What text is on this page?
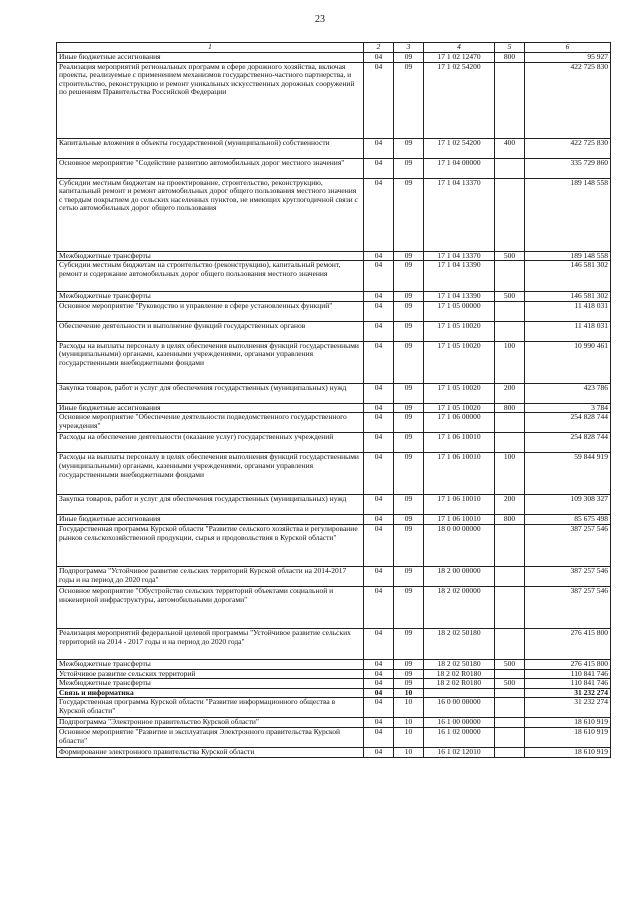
23
1	2	3	4	5	6
Иные бюджетные ассигнования	04	09	17 1 02 12470	800	95 927
Реализация мероприятий региональных программ в сфере дорожного хозяйства, включая проекты, реализуемые с применением механизмов государственно-частного партнерства, и строительство, реконструкцию и ремонт уникальных искусственных дорожных сооружений по решениям Правительства Российской Федерации	04	09	17 1 02 54200		422 725 830
Капитальные вложения в объекты государственной (муниципальной) собственности	04	09	17 1 02 54200	400	422 725 830
Основное мероприятие "Содействие развитию автомобильных дорог местного значения"	04	09	17 1 04 00000		335 729 860
Субсидии местным бюджетам на проектирование, строительство, реконструкцию, капитальный ремонт и ремонт автомобильных дорог общего пользования местного значения с твердым покрытием до сельских населенных пунктов, не имеющих круглогодичной связи с сетью автомобильных дорог общего пользования	04	09	17 1 04 13370		189 148 558
Межбюджетные трансферты	04	09	17 1 04 13370	500	189 148 558
Субсидии местным бюджетам на строительство (реконструкцию), капитальный ремонт, ремонт и содержание автомобильных дорог общего пользования местного значения	04	09	17 1 04 13390		146 581 302
Межбюджетные трансферты	04	09	17 1 04 13390	500	146 581 302
Основное мероприятие "Руководство и управление в сфере установленных функций"	04	09	17 1 05 00000		11 418 031
Обеспечение деятельности и выполнение функций государственных органов	04	09	17 1 05 10020		11 418 031
Расходы на выплаты персоналу в целях обеспечения выполнения функций государственными (муниципальными) органами, казенными учреждениями, органами управления государственными внебюджетными фондами	04	09	17 1 05 10020	100	10 990 461
Закупка товаров, работ и услуг для обеспечения государственных (муниципальных) нужд	04	09	17 1 05 10020	200	423 786
Иные бюджетные ассигнования	04	09	17 1 05 10020	800	3 784
Основное мероприятие "Обеспечение деятельности подведомственного государственного учреждения"	04	09	17 1 06 00000		254 828 744
Расходы на обеспечение деятельности (оказание услуг) государственных учреждений	04	09	17 1 06 10010		254 828 744
Расходы на выплаты персоналу в целях обеспечения выполнения функций государственными (муниципальными) органами, казенными учреждениями, органами управления государственными внебюджетными фондами	04	09	17 1 06 10010	100	59 844 919
Закупка товаров, работ и услуг для обеспечения государственных (муниципальных) нужд	04	09	17 1 06 10010	200	109 308 327
Иные бюджетные ассигнования	04	09	17 1 06 10010	800	85 675 498
Государственная программа Курской области "Развитие сельского хозяйства и регулирование рынков сельскохозяйственной продукции, сырья и продовольствия в Курской области"	04	09	18 0 00 00000		387 257 546
Подпрограмма "Устойчивое развитие сельских территорий Курской области на 2014-2017 годы и на период до 2020 года"	04	09	18 2 00 00000		387 257 546
Основное мероприятие "Обустройство сельских территорий объектами социальной и инженерной инфраструктуры, автомобильными дорогами"	04	09	18 2 02 00000		387 257 546
Реализация мероприятий федеральной целевой программы "Устойчивое развитие сельских территорий на 2014 - 2017 годы и на период до 2020 года"	04	09	18 2 02 50180		276 415 800
Межбюджетные трансферты	04	09	18 2 02 50180	500	276 415 800
Устойчивое развитие сельских территорий	04	09	18 2 02 R0180		110 841 746
Межбюджетные трансферты	04	09	18 2 02 R0180	500	110 841 746
Связь и информатика	04	10			31 232 274
Государственная программа Курской области "Развитие информационного общества в Курской области"	04	10	16 0 00 00000		31 232 274
Подпрограмма "Электронное правительство Курской области"	04	10	16 1 00 00000		18 610 919
Основное мероприятие "Развитие и эксплуатация Электронного правительства Курской области"	04	10	16 1 02 00000		18 610 919
Формирование электронного правительства Курской области	04	10	16 1 02 12010		18 610 919
